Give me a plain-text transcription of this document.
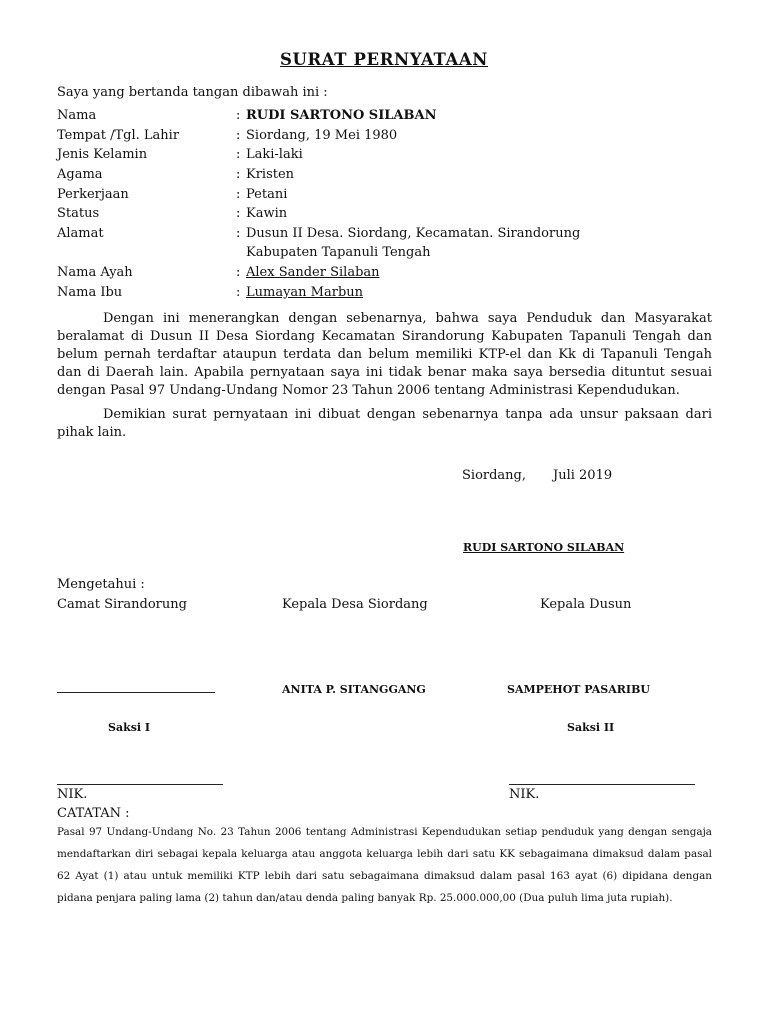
SURAT PERNYATAAN
Saya yang bertanda tangan dibawah ini :
Nama	: RUDI SARTONO SILABAN
Tempat /Tgl. Lahir	: Siordang, 19 Mei 1980
Jenis Kelamin	: Laki-laki
Agama	: Kristen
Perkerjaan	: Petani
Status	: Kawin
Alamat	: Dusun II Desa. Siordang, Kecamatan. Sirandorung
Kabupaten Tapanuli Tengah
Nama Ayah	: Alex Sander Silaban
Nama Ibu	: Lumayan Marbun
Dengan ini menerangkan dengan sebenarnya, bahwa saya Penduduk dan Masyarakat beralamat di Dusun II Desa Siordang Kecamatan Sirandorung Kabupaten Tapanuli Tengah dan belum pernah terdaftar ataupun terdata dan belum memiliki KTP-el dan Kk di Tapanuli Tengah dan di Daerah lain. Apabila pernyataan saya ini tidak benar maka saya bersedia dituntut sesuai dengan Pasal 97 Undang-Undang Nomor 23 Tahun 2006 tentang Administrasi Kependudukan.
Demikian surat pernyataan ini dibuat dengan sebenarnya tanpa ada unsur paksaan dari pihak lain.
Siordang, Juli 2019
RUDI SARTONO SILABAN
Mengetahui :
Camat Sirandorung	Kepala Desa Siordang	Kepala Dusun
ANITA P. SITANGGANG	SAMPEHOT PASARIBU
Saksi I	Saksi II
NIK.	NIK.
CATATAN :
Pasal 97 Undang-Undang No. 23 Tahun 2006 tentang Administrasi Kependudukan setiap penduduk yang dengan sengaja mendaftarkan diri sebagai kepala keluarga atau anggota keluarga lebih dari satu KK sebagaimana dimaksud dalam pasal 62 Ayat (1) atau untuk memiliki KTP lebih dari satu sebagaimana dimaksud dalam pasal 163 ayat (6) dipidana dengan pidana penjara paling lama (2) tahun dan/atau denda paling banyak Rp. 25.000.000,00 (Dua puluh lima juta rupiah).
